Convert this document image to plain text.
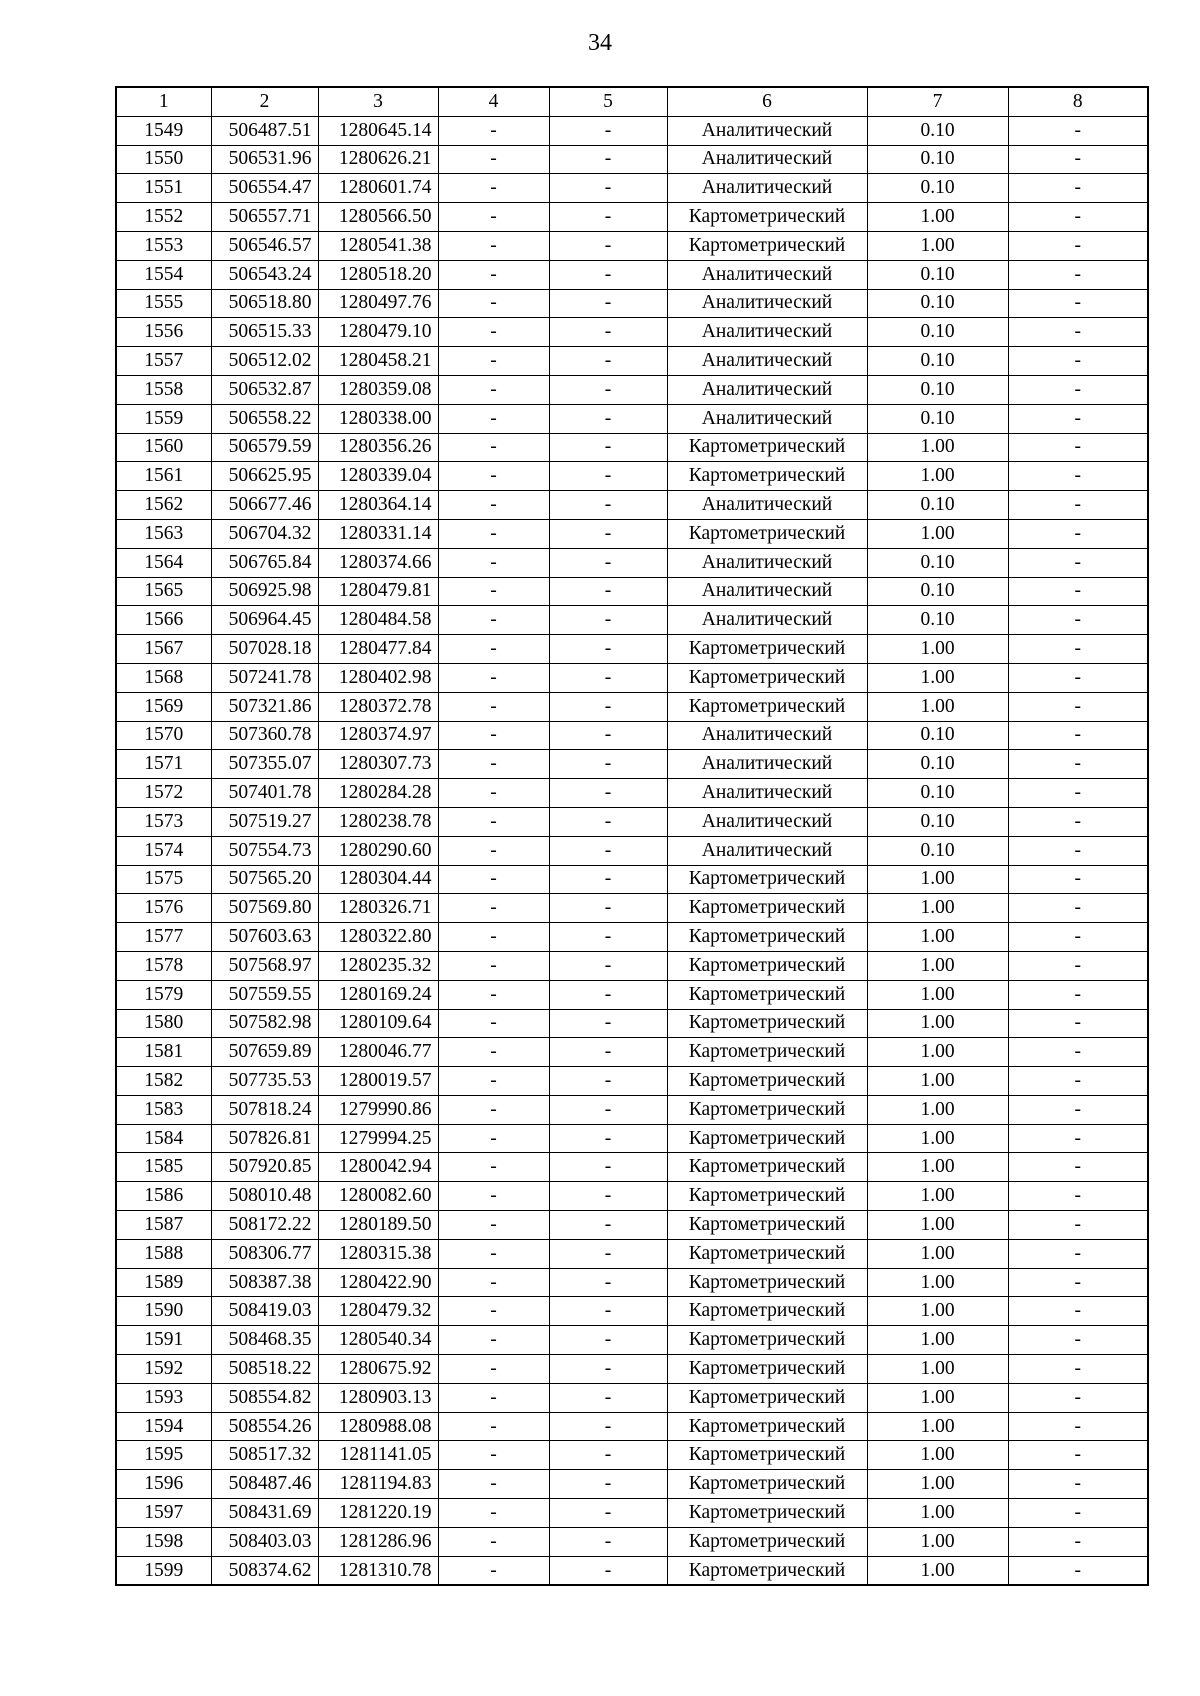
34
1	2	3	4	5	6	7	8
1549	506487.51	1280645.14	-	-	Аналитический	0.10	-
1550	506531.96	1280626.21	-	-	Аналитический	0.10	-
1551	506554.47	1280601.74	-	-	Аналитический	0.10	-
1552	506557.71	1280566.50	-	-	Картометрический	1.00	-
1553	506546.57	1280541.38	-	-	Картометрический	1.00	-
1554	506543.24	1280518.20	-	-	Аналитический	0.10	-
1555	506518.80	1280497.76	-	-	Аналитический	0.10	-
1556	506515.33	1280479.10	-	-	Аналитический	0.10	-
1557	506512.02	1280458.21	-	-	Аналитический	0.10	-
1558	506532.87	1280359.08	-	-	Аналитический	0.10	-
1559	506558.22	1280338.00	-	-	Аналитический	0.10	-
1560	506579.59	1280356.26	-	-	Картометрический	1.00	-
1561	506625.95	1280339.04	-	-	Картометрический	1.00	-
1562	506677.46	1280364.14	-	-	Аналитический	0.10	-
1563	506704.32	1280331.14	-	-	Картометрический	1.00	-
1564	506765.84	1280374.66	-	-	Аналитический	0.10	-
1565	506925.98	1280479.81	-	-	Аналитический	0.10	-
1566	506964.45	1280484.58	-	-	Аналитический	0.10	-
1567	507028.18	1280477.84	-	-	Картометрический	1.00	-
1568	507241.78	1280402.98	-	-	Картометрический	1.00	-
1569	507321.86	1280372.78	-	-	Картометрический	1.00	-
1570	507360.78	1280374.97	-	-	Аналитический	0.10	-
1571	507355.07	1280307.73	-	-	Аналитический	0.10	-
1572	507401.78	1280284.28	-	-	Аналитический	0.10	-
1573	507519.27	1280238.78	-	-	Аналитический	0.10	-
1574	507554.73	1280290.60	-	-	Аналитический	0.10	-
1575	507565.20	1280304.44	-	-	Картометрический	1.00	-
1576	507569.80	1280326.71	-	-	Картометрический	1.00	-
1577	507603.63	1280322.80	-	-	Картометрический	1.00	-
1578	507568.97	1280235.32	-	-	Картометрический	1.00	-
1579	507559.55	1280169.24	-	-	Картометрический	1.00	-
1580	507582.98	1280109.64	-	-	Картометрический	1.00	-
1581	507659.89	1280046.77	-	-	Картометрический	1.00	-
1582	507735.53	1280019.57	-	-	Картометрический	1.00	-
1583	507818.24	1279990.86	-	-	Картометрический	1.00	-
1584	507826.81	1279994.25	-	-	Картометрический	1.00	-
1585	507920.85	1280042.94	-	-	Картометрический	1.00	-
1586	508010.48	1280082.60	-	-	Картометрический	1.00	-
1587	508172.22	1280189.50	-	-	Картометрический	1.00	-
1588	508306.77	1280315.38	-	-	Картометрический	1.00	-
1589	508387.38	1280422.90	-	-	Картометрический	1.00	-
1590	508419.03	1280479.32	-	-	Картометрический	1.00	-
1591	508468.35	1280540.34	-	-	Картометрический	1.00	-
1592	508518.22	1280675.92	-	-	Картометрический	1.00	-
1593	508554.82	1280903.13	-	-	Картометрический	1.00	-
1594	508554.26	1280988.08	-	-	Картометрический	1.00	-
1595	508517.32	1281141.05	-	-	Картометрический	1.00	-
1596	508487.46	1281194.83	-	-	Картометрический	1.00	-
1597	508431.69	1281220.19	-	-	Картометрический	1.00	-
1598	508403.03	1281286.96	-	-	Картометрический	1.00	-
1599	508374.62	1281310.78	-	-	Картометрический	1.00	-
